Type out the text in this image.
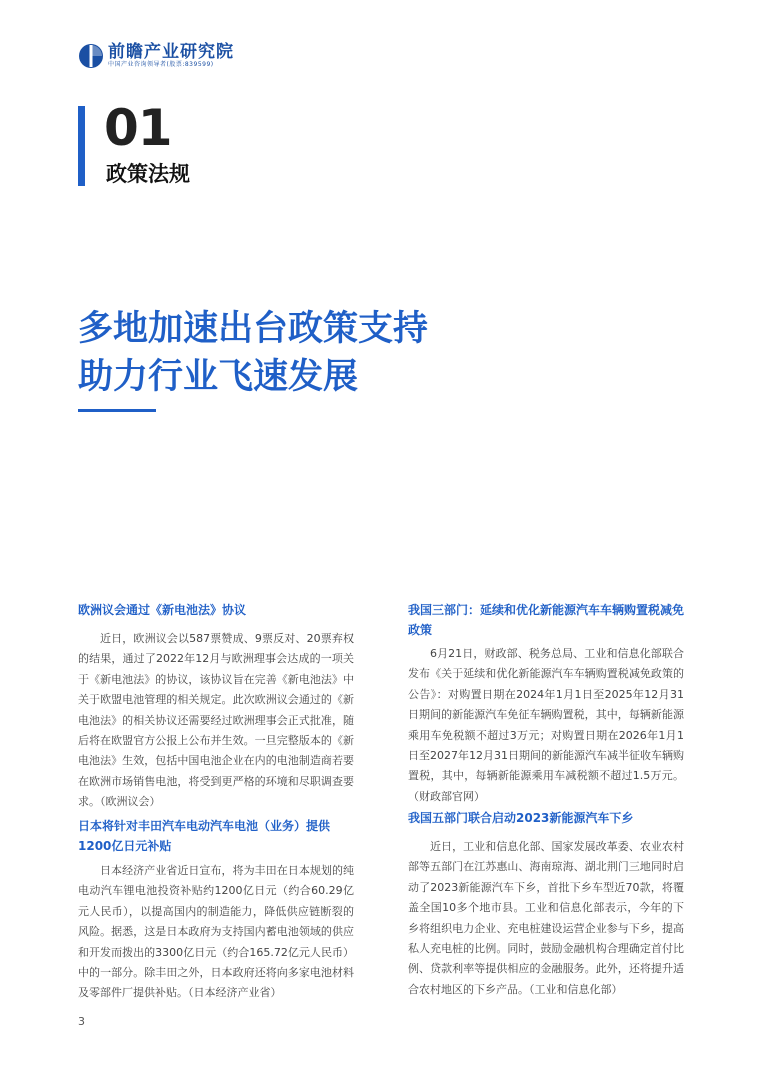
前瞻产业研究院
中国产业咨询领导者(股票:839599)
01
政策法规
多地加速出台政策支持
助力行业飞速发展
欧洲议会通过《新电池法》协议

近日，欧洲议会以587票赞成、9票反对、20票弃权的结果，通过了2022年12月与欧洲理事会达成的一项关于《新电池法》的协议，该协议旨在完善《新电池法》中关于欧盟电池管理的相关规定。此次欧洲议会通过的《新电池法》的相关协议还需要经过欧洲理事会正式批准，随后将在欧盟官方公报上公布并生效。一旦完整版本的《新电池法》生效，包括中国电池企业在内的电池制造商若要在欧洲市场销售电池，将受到更严格的环境和尽职调查要求。（欧洲议会）

日本将针对丰田汽车电动汽车电池（业务）提供1200亿日元补贴

日本经济产业省近日宣布，将为丰田在日本规划的纯电动汽车锂电池投资补贴约1200亿日元（约合60.29亿元人民币），以提高国内的制造能力，降低供应链断裂的风险。据悉，这是日本政府为支持国内蓄电池领域的供应和开发而拨出的3300亿日元（约合165.72亿元人民币）中的一部分。除丰田之外，日本政府还将向多家电池材料及零部件厂提供补贴。（日本经济产业省）

我国三部门：延续和优化新能源汽车车辆购置税减免政策

6月21日，财政部、税务总局、工业和信息化部联合发布《关于延续和优化新能源汽车车辆购置税减免政策的公告》：对购置日期在2024年1月1日至2025年12月31日期间的新能源汽车免征车辆购置税，其中，每辆新能源乘用车免税额不超过3万元；对购置日期在2026年1月1日至2027年12月31日期间的新能源汽车减半征收车辆购置税，其中，每辆新能源乘用车减税额不超过1.5万元。（财政部官网）

我国五部门联合启动2023新能源汽车下乡

近日，工业和信息化部、国家发展改革委、农业农村部等五部门在江苏惠山、海南琼海、湖北荆门三地同时启动了2023新能源汽车下乡，首批下乡车型近70款，将覆盖全国10多个地市县。工业和信息化部表示，今年的下乡将组织电力企业、充电桩建设运营企业参与下乡，提高私人充电桩的比例。同时，鼓励金融机构合理确定首付比例、贷款利率等提供相应的金融服务。此外，还将提升适合农村地区的下乡产品。（工业和信息化部）

3
